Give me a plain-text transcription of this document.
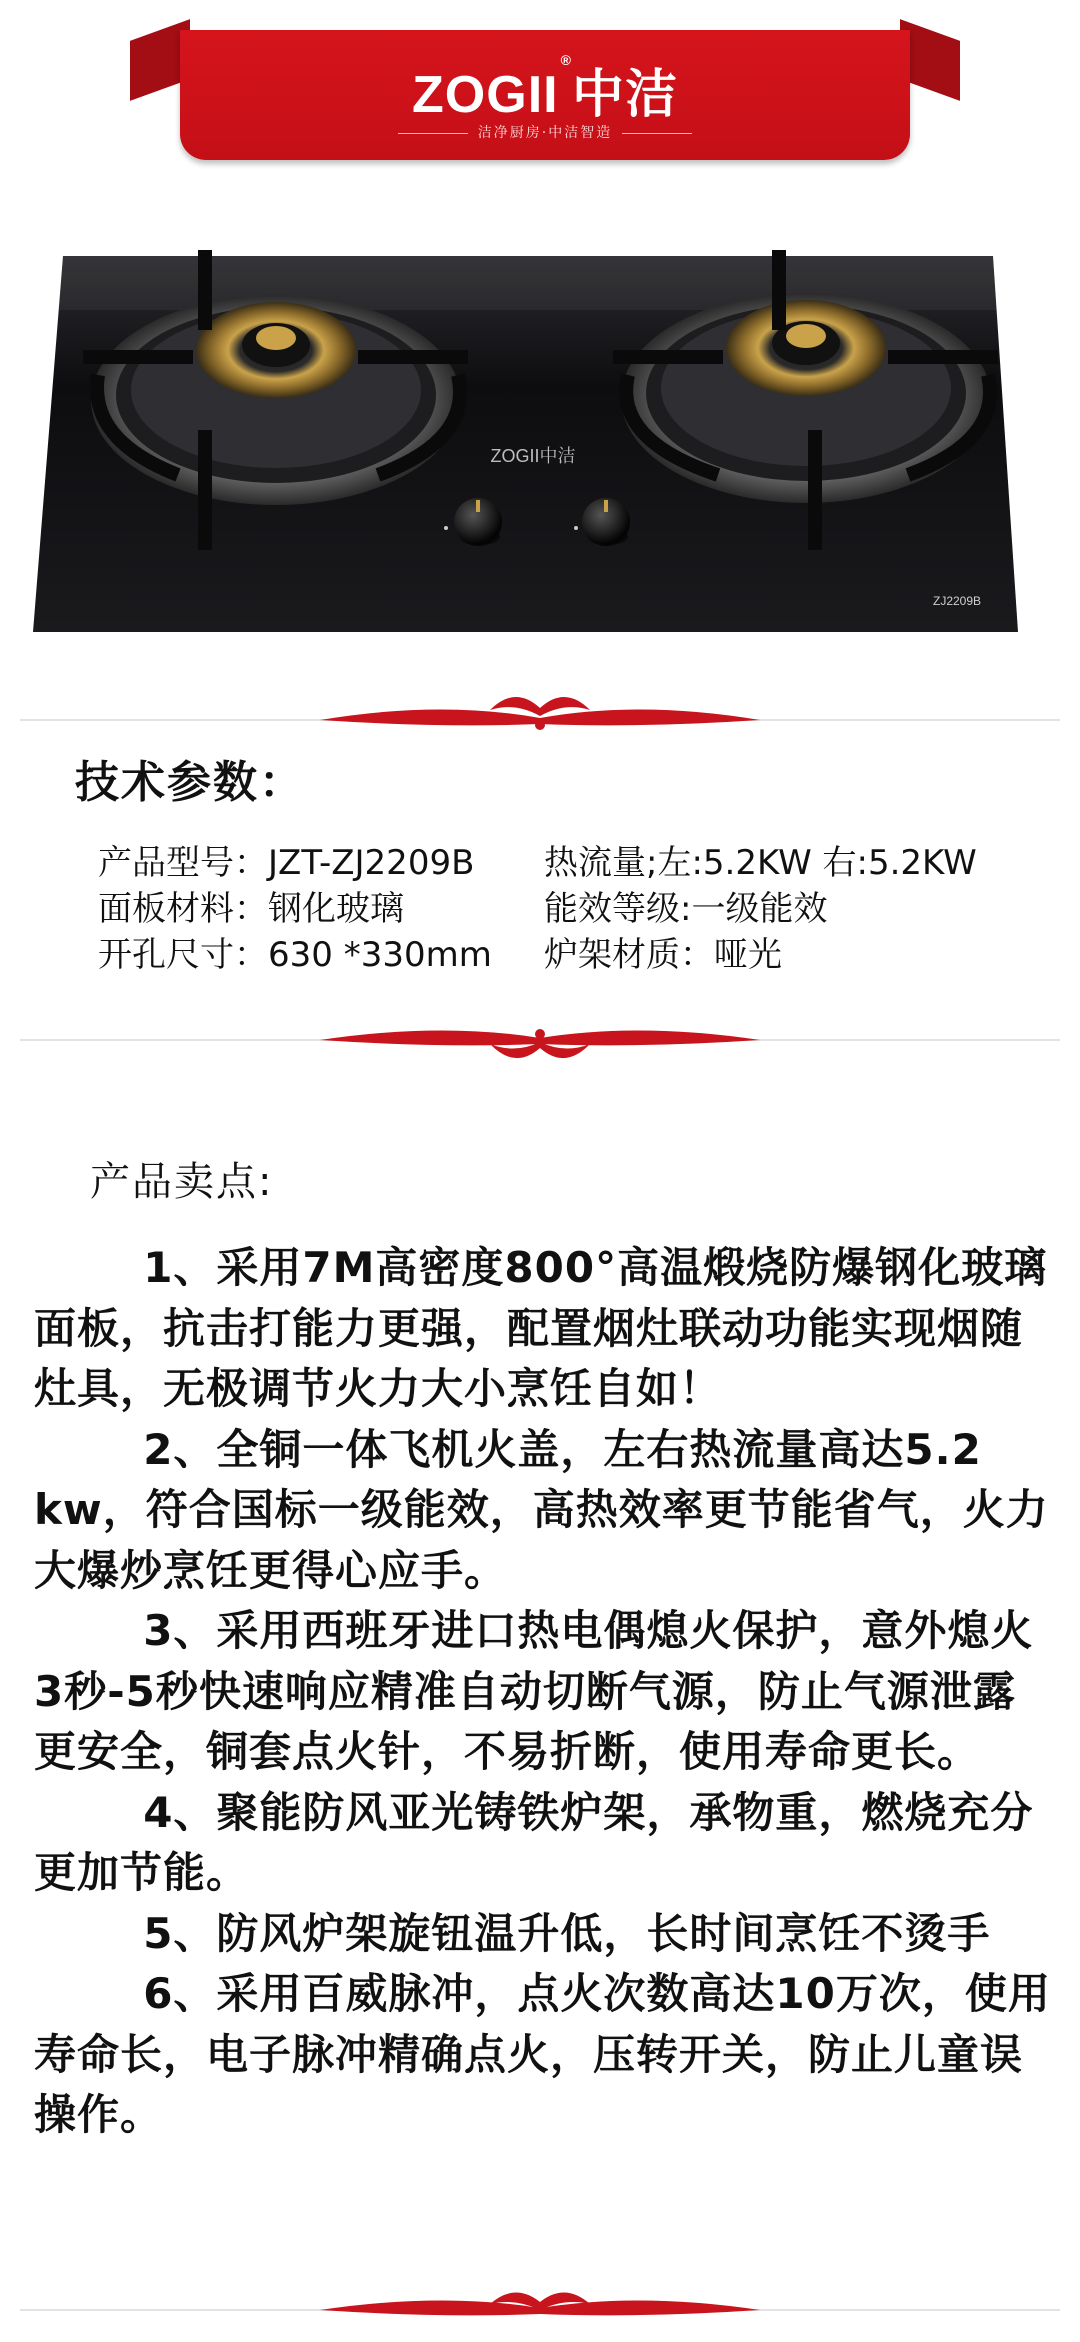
ZOGII®中洁
洁净厨房·中洁智造
ZOGII中洁
ZJ2209B
技术参数：
产品型号：JZT-ZJ2209B 热流量;左:5.2KW 右:5.2KW
面板材料：钢化玻璃	能效等级:一级能效
开孔尺寸：630 *330mm 炉架材质：哑光
产品卖点:

1、采用7M高密度800°高温煅烧防爆钢化玻璃面板，抗击打能力更强，配置烟灶联动功能实现烟随灶具，无极调节火力大小烹饪自如！

2、全铜一体飞机火盖，左右热流量高达5.2 kw，符合国标一级能效，高热效率更节能省气，火力大爆炒烹饪更得心应手。

3、采用西班牙进口热电偶熄火保护，意外熄火3秒-5秒快速响应精准自动切断气源，防止气源泄露更安全，铜套点火针，不易折断，使用寿命更长。

4、聚能防风亚光铸铁炉架，承物重，燃烧充分更加节能。

5、防风炉架旋钮温升低，长时间烹饪不烫手

6、采用百威脉冲，点火次数高达10万次，使用寿命长，电子脉冲精确点火，压转开关，防止儿童误操作。
